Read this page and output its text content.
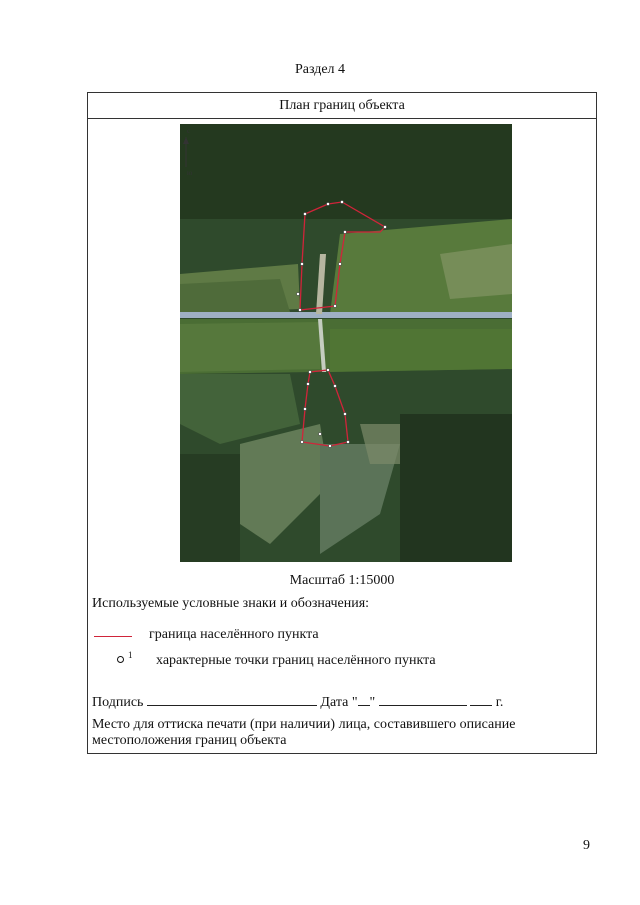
Раздел 4
План границ объекта
с
ю
Масштаб 1:15000
Используемые условные знаки и обозначения:
граница населённого пункта
1 характерные точки границ населённого пункта
Подпись	Дата " "	г.
Место для оттиска печати (при наличии) лица, составившего описание местоположения границ объекта
9
